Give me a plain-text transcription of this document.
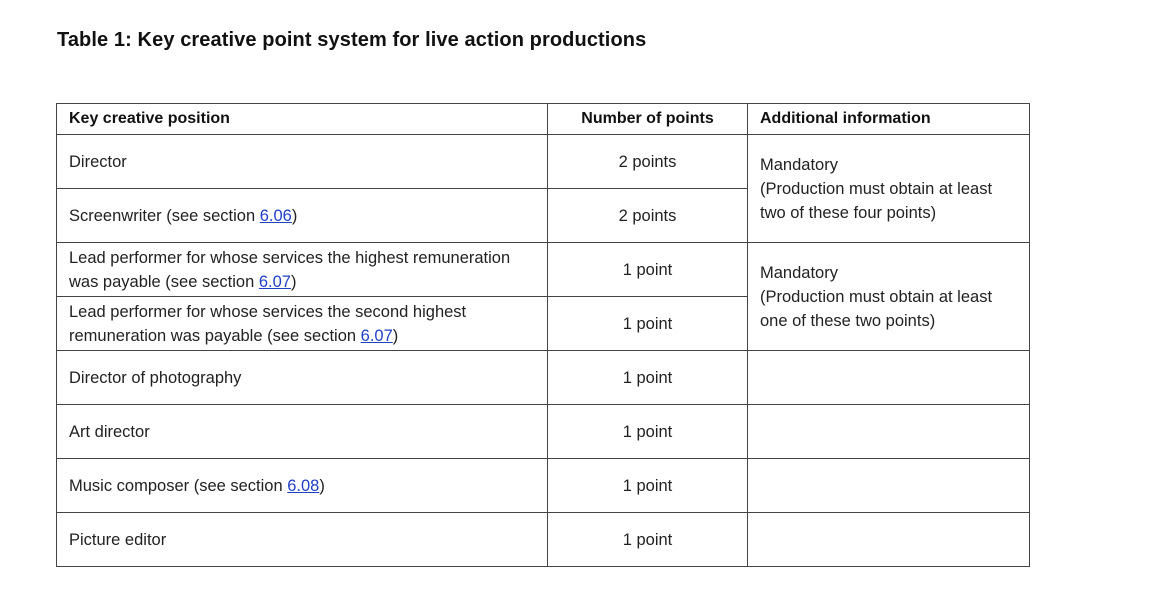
Table 1: Key creative point system for live action productions
Key creative position	Number of points	Additional information
Director	2 points	Mandatory
(Production must obtain at least two of these four points)

Screenwriter (see section 6.06)	2 points	
Lead performer for whose services the highest remuneration was payable (see section 6.07)	1 point	Mandatory
(Production must obtain at least one of these two points)

Lead performer for whose services the second highest remuneration was payable (see section 6.07)	1 point	
Director of photography	1 point	
Art director	1 point	
Music composer (see section 6.08)	1 point	
Picture editor	1 point	
